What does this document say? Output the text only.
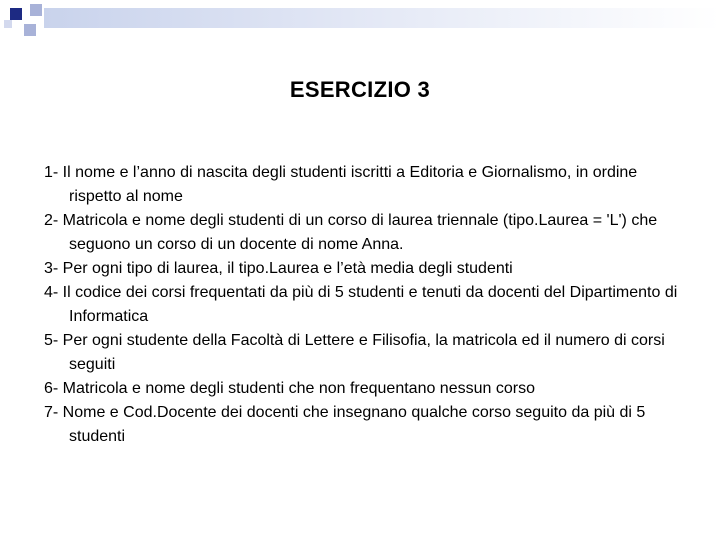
ESERCIZIO 3
1- Il nome e l’anno di nascita degli studenti iscritti a Editoria e Giornalismo, in ordine rispetto al nome
2- Matricola e nome degli studenti di un corso di laurea triennale (tipo.Laurea = 'L') che seguono un corso di un docente di nome Anna.
3- Per ogni tipo di laurea, il tipo.Laurea e l’età media degli studenti
4- Il codice dei corsi frequentati da più di 5 studenti e tenuti da docenti del Dipartimento di Informatica
5- Per ogni studente della Facoltà di Lettere e Filisofia, la matricola ed il numero di corsi seguiti
6- Matricola e nome degli studenti che non frequentano nessun corso
7- Nome e Cod.Docente dei docenti che insegnano qualche corso seguito da più di 5 studenti
